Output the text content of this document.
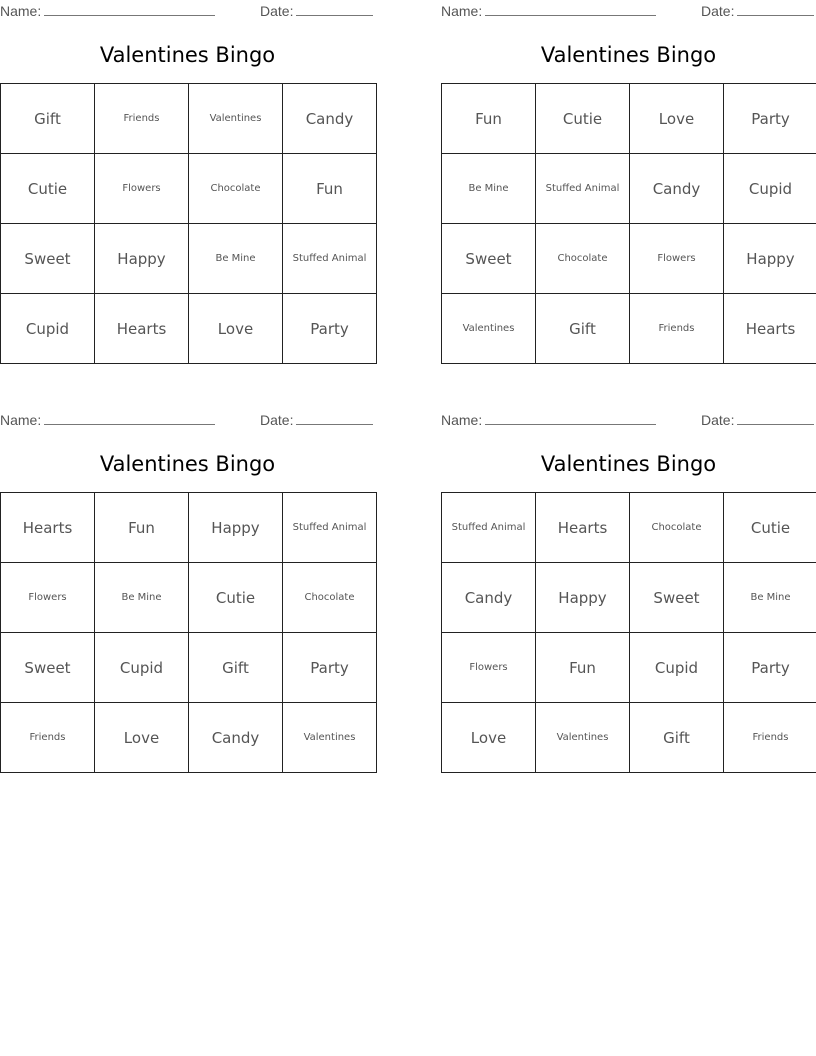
Name:	Date:
Valentines Bingo
Gift	Friends	Valentines	Candy
Cutie	Flowers	Chocolate	Fun
Sweet	Happy	Be Mine	Stuffed Animal
Cupid	Hearts	Love	Party
Name:	Date:
Valentines Bingo
Fun	Cutie	Love	Party
Be Mine	Stuffed Animal	Candy	Cupid
Sweet	Chocolate	Flowers	Happy
Valentines	Gift	Friends	Hearts
Name:	Date:
Valentines Bingo
Hearts	Fun	Happy	Stuffed Animal
Flowers	Be Mine	Cutie	Chocolate
Sweet	Cupid	Gift	Party
Friends	Love	Candy	Valentines
Name:	Date:
Valentines Bingo
Stuffed Animal	Hearts	Chocolate	Cutie
Candy	Happy	Sweet	Be Mine
Flowers	Fun	Cupid	Party
Love	Valentines	Gift	Friends
